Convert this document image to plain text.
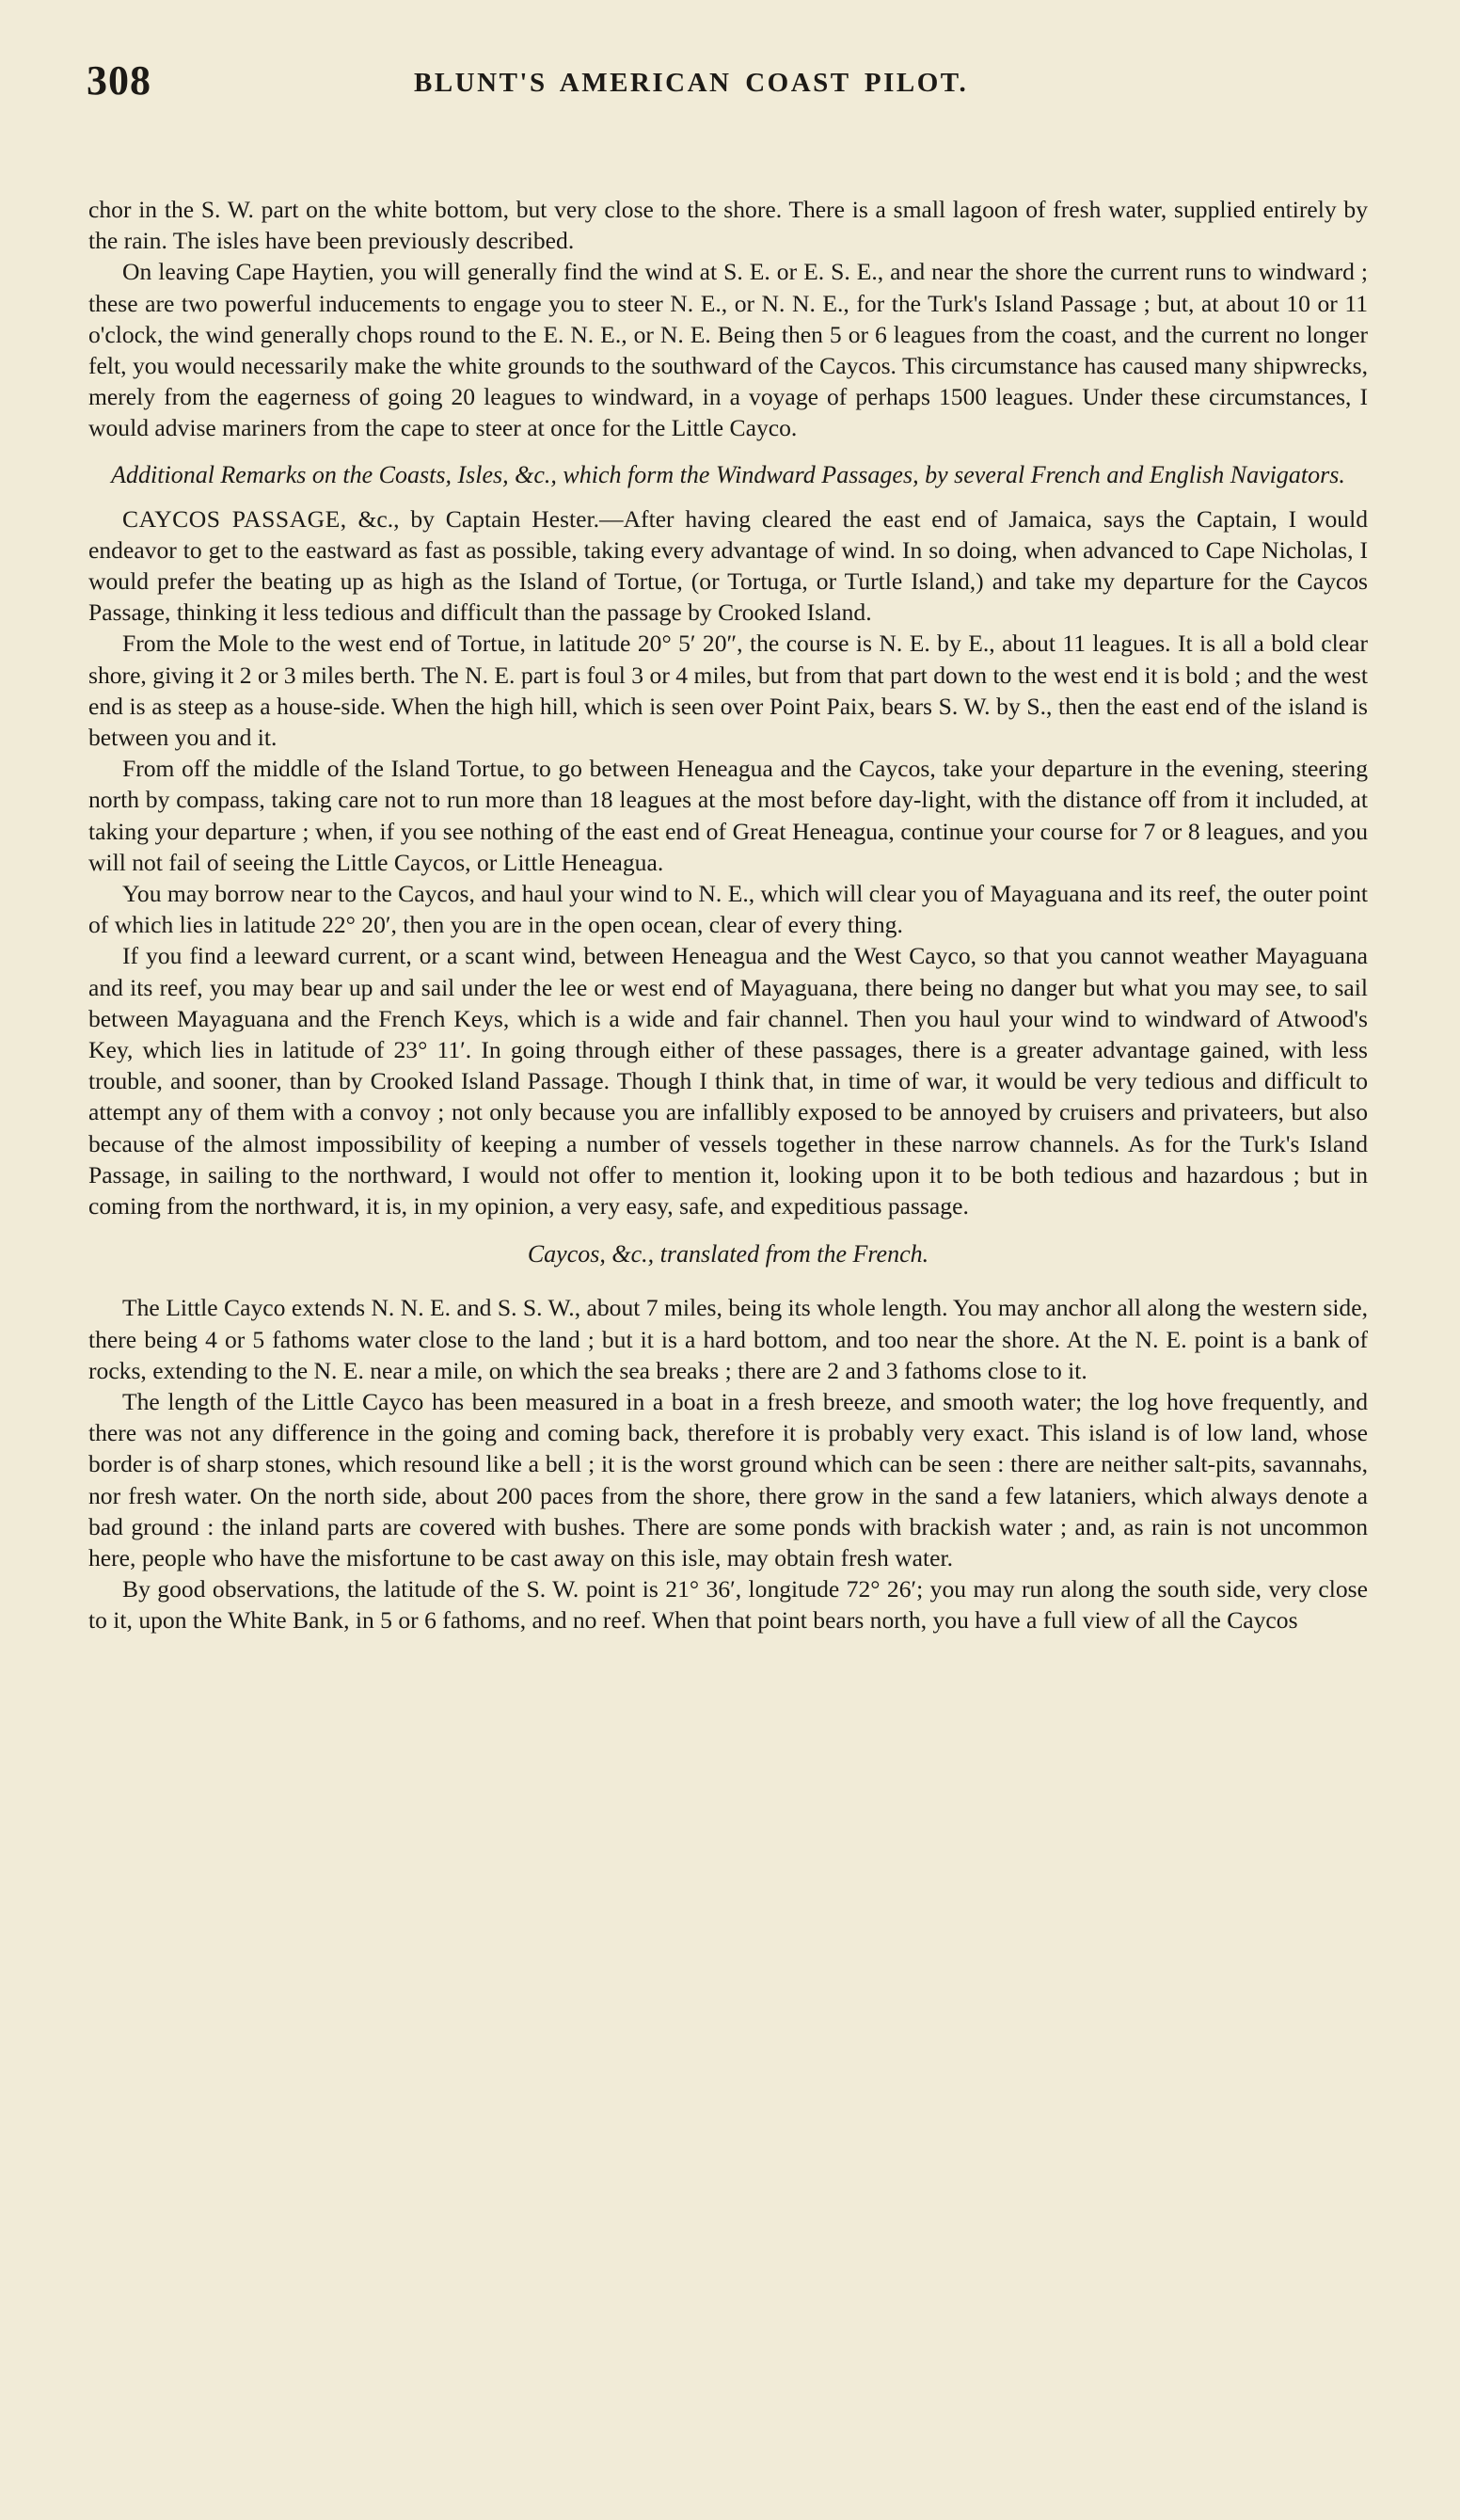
308	BLUNT'S AMERICAN COAST PILOT.

chor in the S. W. part on the white bottom, but very close to the shore. There is a small lagoon of fresh water, supplied entirely by the rain. The isles have been previously described.

On leaving Cape Haytien, you will generally find the wind at S. E. or E. S. E., and near the shore the current runs to windward ; these are two powerful inducements to engage you to steer N. E., or N. N. E., for the Turk's Island Passage ; but, at about 10 or 11 o'clock, the wind generally chops round to the E. N. E., or N. E. Being then 5 or 6 leagues from the coast, and the current no longer felt, you would necessarily make the white grounds to the southward of the Caycos. This circumstance has caused many shipwrecks, merely from the eagerness of going 20 leagues to windward, in a voyage of perhaps 1500 leagues. Under these circumstances, I would advise mariners from the cape to steer at once for the Little Cayco.

Additional Remarks on the Coasts, Isles, &c., which form the Windward Passages, by several French and English Navigators.

CAYCOS PASSAGE, &c., by Captain Hester.—After having cleared the east end of Jamaica, says the Captain, I would endeavor to get to the eastward as fast as possible, taking every advantage of wind. In so doing, when advanced to Cape Nicholas, I would prefer the beating up as high as the Island of Tortue, (or Tortuga, or Turtle Island,) and take my departure for the Caycos Passage, thinking it less tedious and difficult than the passage by Crooked Island.

From the Mole to the west end of Tortue, in latitude 20° 5′ 20″, the course is N. E. by E., about 11 leagues. It is all a bold clear shore, giving it 2 or 3 miles berth. The N. E. part is foul 3 or 4 miles, but from that part down to the west end it is bold ; and the west end is as steep as a house-side. When the high hill, which is seen over Point Paix, bears S. W. by S., then the east end of the island is between you and it.

From off the middle of the Island Tortue, to go between Heneagua and the Caycos, take your departure in the evening, steering north by compass, taking care not to run more than 18 leagues at the most before day-light, with the distance off from it included, at taking your departure ; when, if you see nothing of the east end of Great Heneagua, continue your course for 7 or 8 leagues, and you will not fail of seeing the Little Caycos, or Little Heneagua.

You may borrow near to the Caycos, and haul your wind to N. E., which will clear you of Mayaguana and its reef, the outer point of which lies in latitude 22° 20′, then you are in the open ocean, clear of every thing.

If you find a leeward current, or a scant wind, between Heneagua and the West Cayco, so that you cannot weather Mayaguana and its reef, you may bear up and sail under the lee or west end of Mayaguana, there being no danger but what you may see, to sail between Mayaguana and the French Keys, which is a wide and fair channel. Then you haul your wind to windward of Atwood's Key, which lies in latitude of 23° 11′. In going through either of these passages, there is a greater advantage gained, with less trouble, and sooner, than by Crooked Island Passage. Though I think that, in time of war, it would be very tedious and difficult to attempt any of them with a convoy ; not only because you are infallibly exposed to be annoyed by cruisers and privateers, but also because of the almost impossibility of keeping a number of vessels together in these narrow channels. As for the Turk's Island Passage, in sailing to the northward, I would not offer to mention it, looking upon it to be both tedious and hazardous ; but in coming from the northward, it is, in my opinion, a very easy, safe, and expeditious passage.

Caycos, &c., translated from the French.

The Little Cayco extends N. N. E. and S. S. W., about 7 miles, being its whole length. You may anchor all along the western side, there being 4 or 5 fathoms water close to the land ; but it is a hard bottom, and too near the shore. At the N. E. point is a bank of rocks, extending to the N. E. near a mile, on which the sea breaks ; there are 2 and 3 fathoms close to it.

The length of the Little Cayco has been measured in a boat in a fresh breeze, and smooth water; the log hove frequently, and there was not any difference in the going and coming back, therefore it is probably very exact. This island is of low land, whose border is of sharp stones, which resound like a bell ; it is the worst ground which can be seen : there are neither salt-pits, savannahs, nor fresh water. On the north side, about 200 paces from the shore, there grow in the sand a few lataniers, which always denote a bad ground : the inland parts are covered with bushes. There are some ponds with brackish water ; and, as rain is not uncommon here, people who have the misfortune to be cast away on this isle, may obtain fresh water.

By good observations, the latitude of the S. W. point is 21° 36′, longitude 72° 26′; you may run along the south side, very close to it, upon the White Bank, in 5 or 6 fathoms, and no reef. When that point bears north, you have a full view of all the Caycos
